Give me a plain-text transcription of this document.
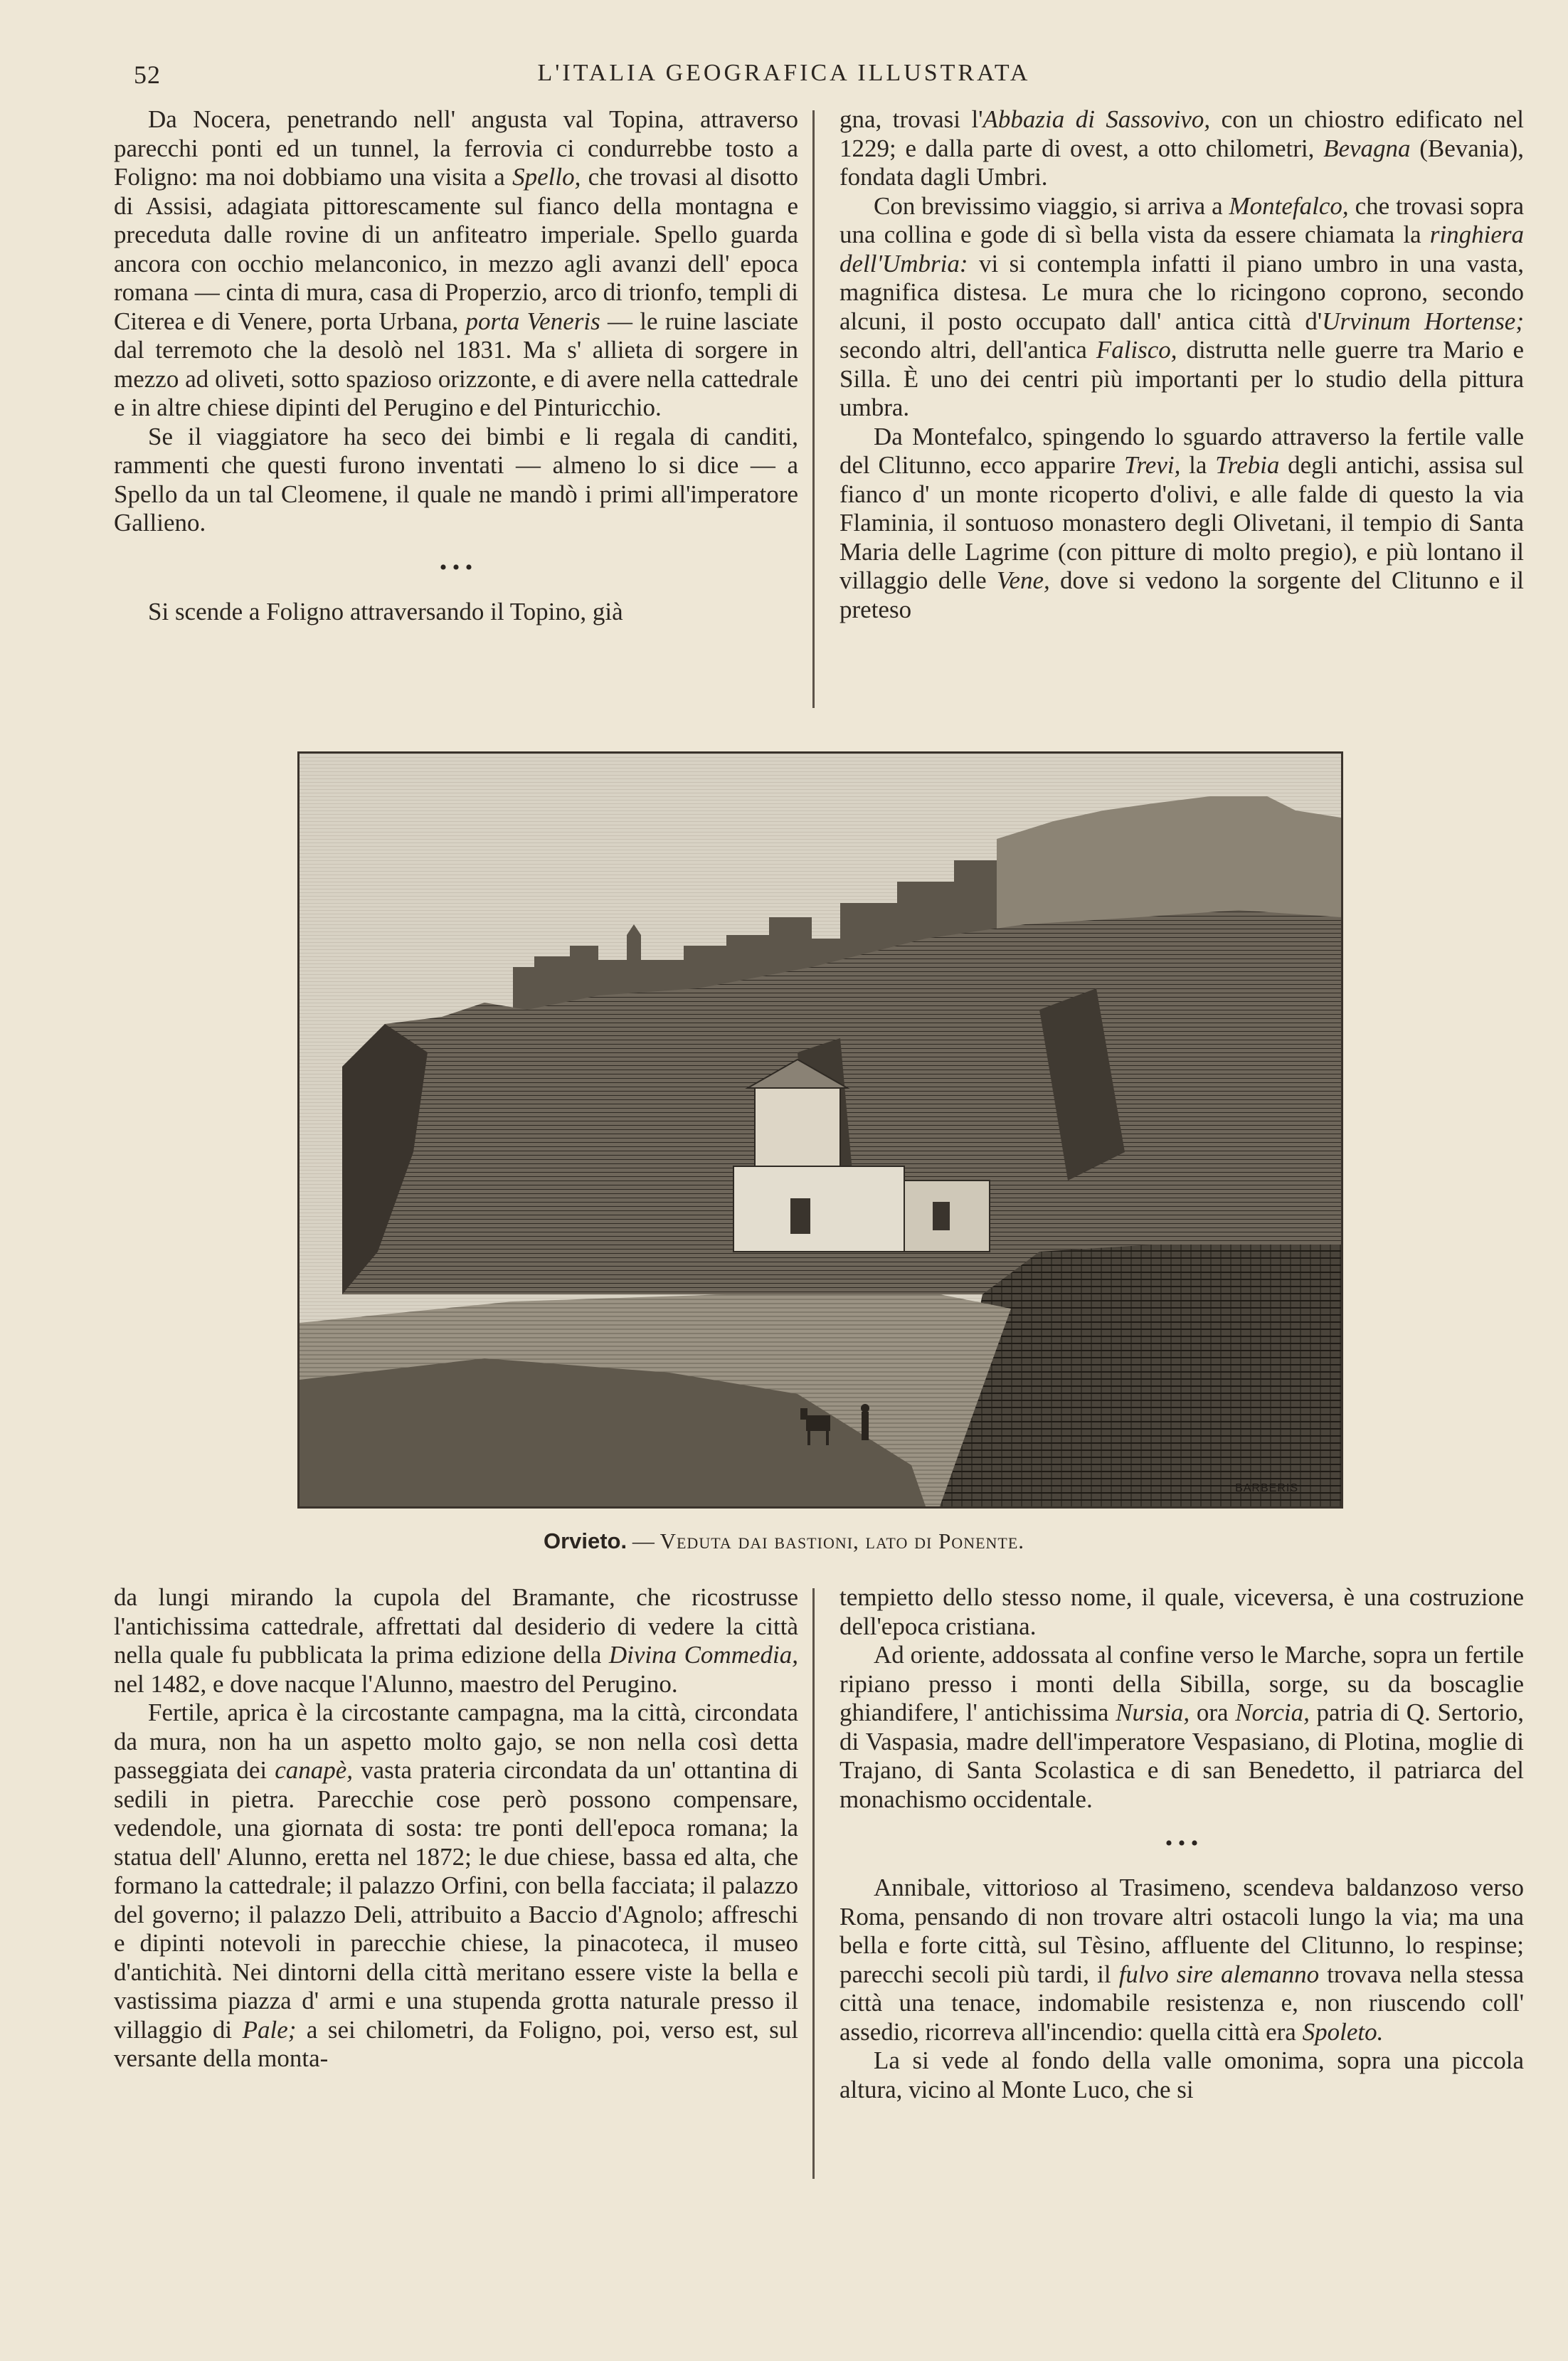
52	L'ITALIA GEOGRAFICA ILLUSTRATA

Da Nocera, penetrando nell' angusta val Topina, attraverso parecchi ponti ed un tunnel, la ferrovia ci condurrebbe tosto a Foligno: ma noi dobbiamo una visita a Spello, che trovasi al disotto di Assisi, adagiata pittorescamente sul fianco della montagna e preceduta dalle rovine di un anfiteatro imperiale. Spello guarda ancora con occhio melanconico, in mezzo agli avanzi dell' epoca romana — cinta di mura, casa di Properzio, arco di trionfo, templi di Citerea e di Venere, porta Urbana, porta Veneris — le ruine lasciate dal terremoto che la desolò nel 1831. Ma s' allieta di sorgere in mezzo ad oliveti, sotto spazioso orizzonte, e di avere nella cattedrale e in altre chiese dipinti del Perugino e del Pinturicchio.

Se il viaggiatore ha seco dei bimbi e li regala di canditi, rammenti che questi furono inventati — almeno lo si dice — a Spello da un tal Cleomene, il quale ne mandò i primi all'imperatore Gallieno.

• • •

Si scende a Foligno attraversando il Topino, già

gna, trovasi l'Abbazia di Sassovivo, con un chiostro edificato nel 1229; e dalla parte di ovest, a otto chilometri, Bevagna (Bevania), fondata dagli Umbri.

Con brevissimo viaggio, si arriva a Montefalco, che trovasi sopra una collina e gode di sì bella vista da essere chiamata la ringhiera dell'Umbria: vi si contempla infatti il piano umbro in una vasta, magnifica distesa. Le mura che lo ricingono coprono, secondo alcuni, il posto occupato dall' antica città d'Urvinum Hortense; secondo altri, dell'antica Falisco, distrutta nelle guerre tra Mario e Silla. È uno dei centri più importanti per lo studio della pittura umbra.

Da Montefalco, spingendo lo sguardo attraverso la fertile valle del Clitunno, ecco apparire Trevi, la Trebia degli antichi, assisa sul fianco d' un monte ricoperto d'olivi, e alle falde di questo la via Flaminia, il sontuoso monastero degli Olivetani, il tempio di Santa Maria delle Lagrime (con pitture di molto pregio), e più lontano il villaggio delle Vene, dove si vedono la sorgente del Clitunno e il preteso

BARBERIS
Orvieto. — Veduta dai bastioni, lato di Ponente.

da lungi mirando la cupola del Bramante, che ricostrusse l'antichissima cattedrale, affrettati dal desiderio di vedere la città nella quale fu pubblicata la prima edizione della Divina Commedia, nel 1482, e dove nacque l'Alunno, maestro del Perugino.

Fertile, aprica è la circostante campagna, ma la città, circondata da mura, non ha un aspetto molto gajo, se non nella così detta passeggiata dei canapè, vasta prateria circondata da un' ottantina di sedili in pietra. Parecchie cose però possono compensare, vedendole, una giornata di sosta: tre ponti dell'epoca romana; la statua dell' Alunno, eretta nel 1872; le due chiese, bassa ed alta, che formano la cattedrale; il palazzo Orfini, con bella facciata; il palazzo del governo; il palazzo Deli, attribuito a Baccio d'Agnolo; affreschi e dipinti notevoli in parecchie chiese, la pinacoteca, il museo d'antichità. Nei dintorni della città meritano essere viste la bella e vastissima piazza d' armi e una stupenda grotta naturale presso il villaggio di Pale; a sei chilometri, da Foligno, poi, verso est, sul versante della monta-

tempietto dello stesso nome, il quale, viceversa, è una costruzione dell'epoca cristiana.

Ad oriente, addossata al confine verso le Marche, sopra un fertile ripiano presso i monti della Sibilla, sorge, su da boscaglie ghiandifere, l' antichissima Nursia, ora Norcia, patria di Q. Sertorio, di Vaspasia, madre dell'imperatore Vespasiano, di Plotina, moglie di Trajano, di Santa Scolastica e di san Benedetto, il patriarca del monachismo occidentale.

• • •

Annibale, vittorioso al Trasimeno, scendeva baldanzoso verso Roma, pensando di non trovare altri ostacoli lungo la via; ma una bella e forte città, sul Tèsino, affluente del Clitunno, lo respinse; parecchi secoli più tardi, il fulvo sire alemanno trovava nella stessa città una tenace, indomabile resistenza e, non riuscendo coll' assedio, ricorreva all'incendio: quella città era Spoleto.

La si vede al fondo della valle omonima, sopra una piccola altura, vicino al Monte Luco, che si
